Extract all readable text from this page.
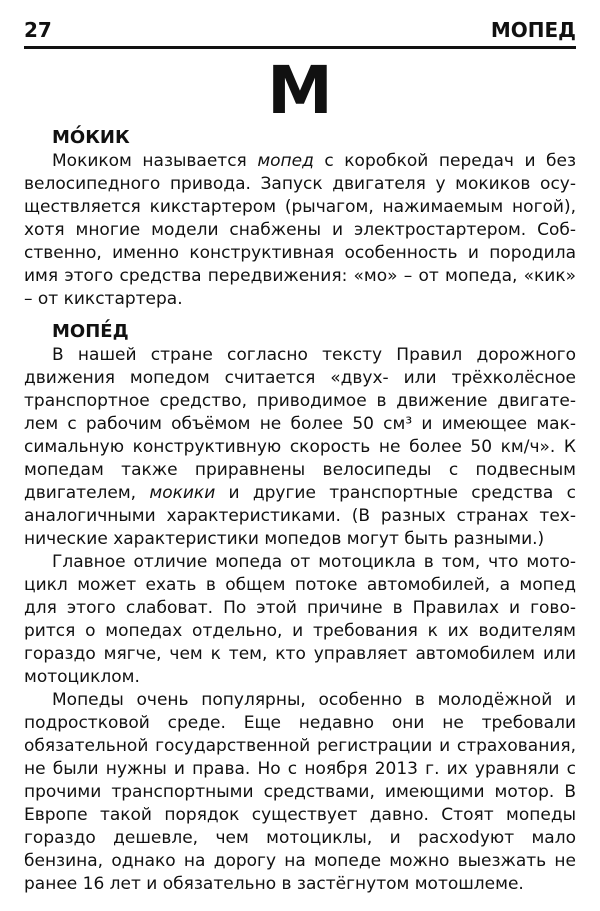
27	МОПЕД
М
МО́КИК

Мокиком называется мопед с коробкой передач и без велосипедного привода. Запуск двигателя у мокиков осуществляется кикстартером (рычагом, нажимаемым ногой), хотя многие модели снабжены и электростартером. Собственно, именно конструктивная особенность и породила имя этого средства передвижения: «мо» – от мопеда, «кик» – от кикстартера.

МОПЕ́Д

В нашей стране согласно тексту Правил дорожного движения мопедом считается «двух- или трёхколёсное транспортное средство, приводимое в движение двигателем с рабочим объёмом не более 50 см³ и имеющее максимальную конструктивную скорость не более 50 км/ч». К мопедам также приравнены велосипеды с подвесным двигателем, мокики и другие транспортные средства с аналогичными характеристиками. (В разных странах технические характеристики мопедов могут быть разными.)

Главное отличие мопеда от мотоцикла в том, что мотоцикл может ехать в общем потоке автомобилей, а мопед для этого слабоват. По этой причине в Правилах и говорится о мопедах отдельно, и требования к их водителям гораздо мягче, чем к тем, кто управляет автомобилем или мотоциклом.

Мопеды очень популярны, особенно в молодёжной и подростковой среде. Еще недавно они не требовали обязательной государственной регистрации и страхования, не были нужны и права. Но с ноября 2013 г. их уравняли с прочими транспортными средствами, имеющими мотор. В Европе такой порядок существует давно. Стоят мопеды гораздо дешевле, чем мотоциклы, и расхоdуют мало бензина, однако на дорогу на мопеде можно выезжать не ранее 16 лет и обязательно в застёгнутом мотошлеме.
